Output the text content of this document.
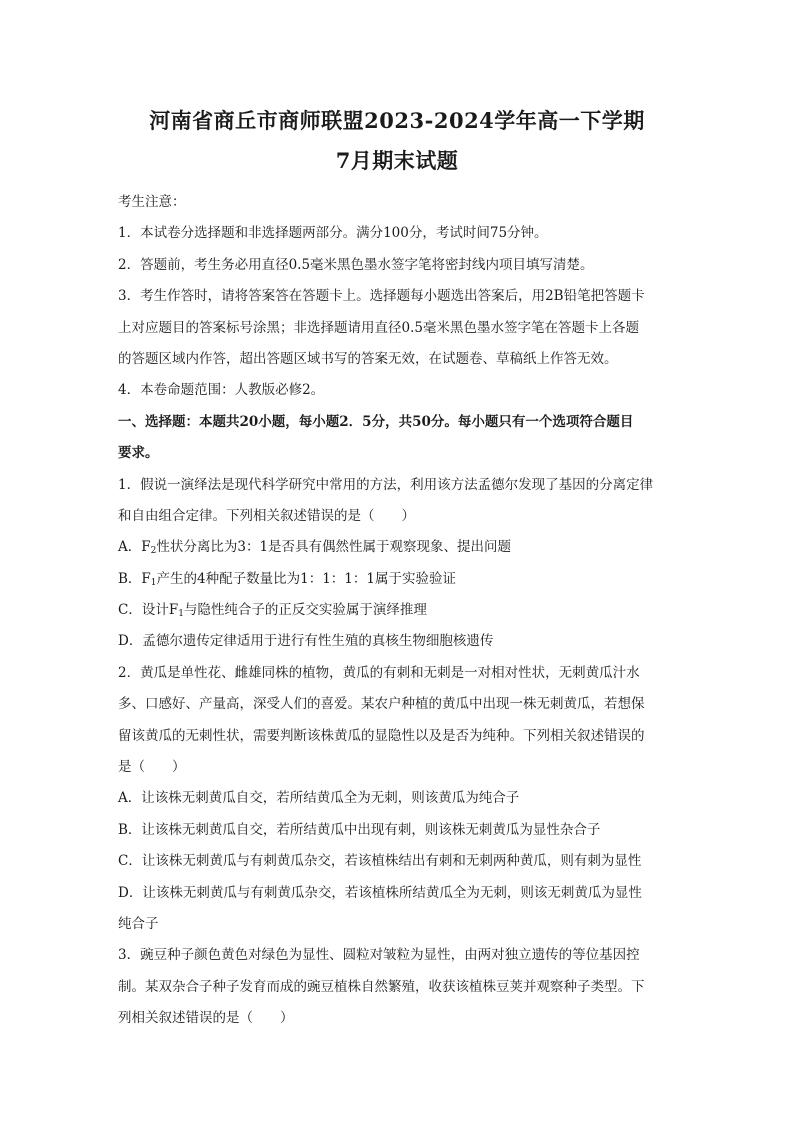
河南省商丘市商师联盟2023-2024学年高一下学期
7月期末试题
考生注意：
1．本试卷分选择题和非选择题两部分。满分100分，考试时间75分钟。
2．答题前，考生务必用直径0.5毫米黑色墨水签字笔将密封线内项目填写清楚。
3．考生作答时，请将答案答在答题卡上。选择题每小题选出答案后，用2B铅笔把答题卡
上对应题目的答案标号涂黑；非选择题请用直径0.5毫米黑色墨水签字笔在答题卡上各题
的答题区域内作答，超出答题区域书写的答案无效，在试题卷、草稿纸上作答无效。
4．本卷命题范围：人教版必修2。
一、选择题：本题共20小题，每小题2．5分，共50分。每小题只有一个选项符合题目
要求。
1．假说一演绎法是现代科学研究中常用的方法，利用该方法孟德尔发现了基因的分离定律
和自由组合定律。下列相关叙述错误的是（　　）
A．$F_2$性状分离比为3：1是否具有偶然性属于观察现象、提出问题
B．$F_1$产生的4种配子数量比为1：1：1：1属于实验验证
C．设计$F_1$与隐性纯合子的正反交实验属于演绎推理
D．孟德尔遗传定律适用于进行有性生殖的真核生物细胞核遗传
2．黄瓜是单性花、雌雄同株的植物，黄瓜的有刺和无刺是一对相对性状，无刺黄瓜汁水
多、口感好、产量高，深受人们的喜爱。某农户种植的黄瓜中出现一株无刺黄瓜，若想保
留该黄瓜的无刺性状，需要判断该株黄瓜的显隐性以及是否为纯种。下列相关叙述错误的
是（　　）
A．让该株无刺黄瓜自交，若所结黄瓜全为无刺，则该黄瓜为纯合子
B．让该株无刺黄瓜自交，若所结黄瓜中出现有刺，则该株无刺黄瓜为显性杂合子
C．让该株无刺黄瓜与有刺黄瓜杂交，若该植株结出有刺和无刺两种黄瓜，则有刺为显性
D．让该株无刺黄瓜与有刺黄瓜杂交，若该植株所结黄瓜全为无刺，则该无刺黄瓜为显性
纯合子
3．豌豆种子颜色黄色对绿色为显性、圆粒对皱粒为显性，由两对独立遗传的等位基因控
制。某双杂合子种子发育而成的豌豆植株自然繁殖，收获该植株豆荚并观察种子类型。下
列相关叙述错误的是（　　）
